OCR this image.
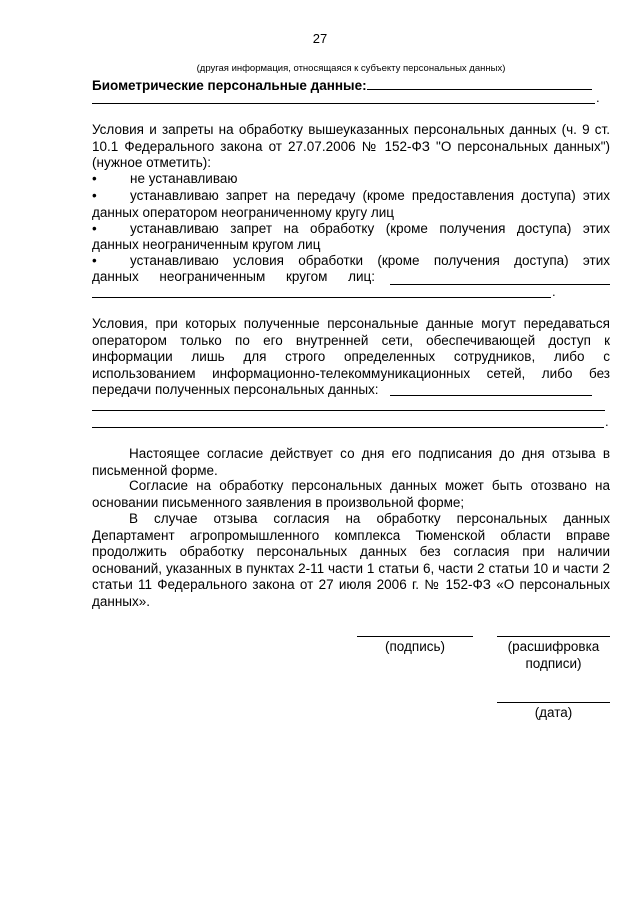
27
(другая информация, относящаяся к субъекту персональных данных)
Биометрические персональные данные:
.

Условия и запреты на обработку вышеуказанных персональных данных (ч. 9 ст. 10.1 Федерального закона от 27.07.2006 № 152-ФЗ "О персональных данных") (нужное отметить):

• не устанавливаю
• устанавливаю запрет на передачу (кроме предоставления доступа) этих
данных оператором неограниченному кругу лиц
• устанавливаю запрет на обработку (кроме получения доступа) этих
данных неограниченным кругом лиц
• устанавливаю условия обработки (кроме получения доступа) этих
данных неограниченным кругом лиц:
.

Условия, при которых полученные персональные данные могут передаваться оператором только по его внутренней сети, обеспечивающей доступ к информации лишь для строго определенных сотрудников, либо с использованием информационно-телекоммуникационных сетей, либо без передачи полученных персональных данных:

.

Настоящее согласие действует со дня его подписания до дня отзыва в письменной форме.

Согласие на обработку персональных данных может быть отозвано на основании письменного заявления в произвольной форме;

В случае отзыва согласия на обработку персональных данных Департамент агропромышленного комплекса Тюменской области вправе продолжить обработку персональных данных без согласия при наличии оснований, указанных в пунктах 2-11 части 1 статьи 6, части 2 статьи 10 и части 2 статьи 11 Федерального закона от 27 июля 2006 г. № 152-ФЗ «О персональных данных».

(подпись)	(расшифровка подписи)
(дата)
